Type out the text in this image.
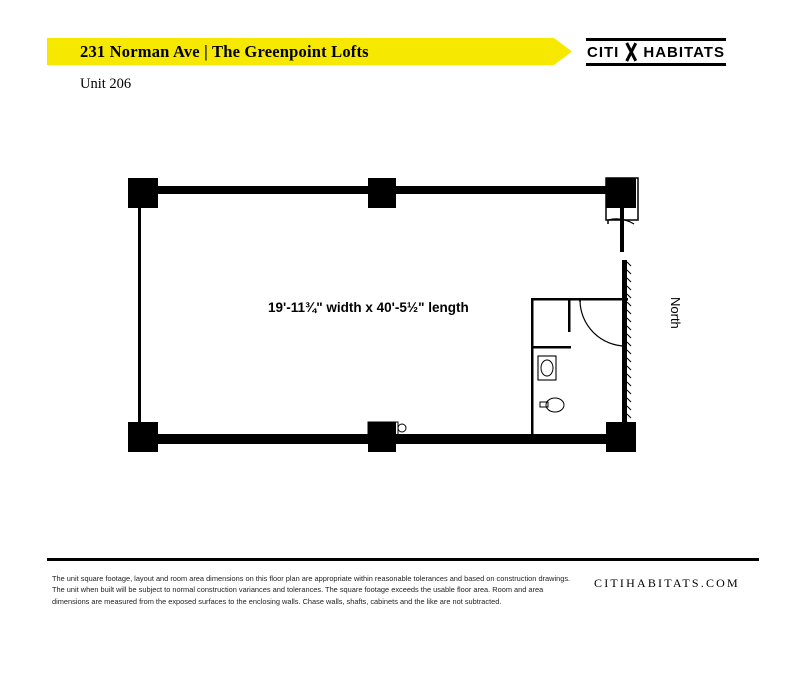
231 Norman Ave | The Greenpoint Lofts
Unit 206
CITI HABITATS
19'-11¾" width x 40'-5½" length	North
The unit square footage, layout and room area dimensions on this floor plan are appropriate within reasonable tolerances and based on construction drawings. The unit when built will be subject to normal construction variances and tolerances. The square footage exceeds the usable floor area. Room and area dimensions are measured from the exposed surfaces to the enclosing walls. Chase walls, shafts, cabinets and the like are not subtracted.
CITIHABITATS.COM
